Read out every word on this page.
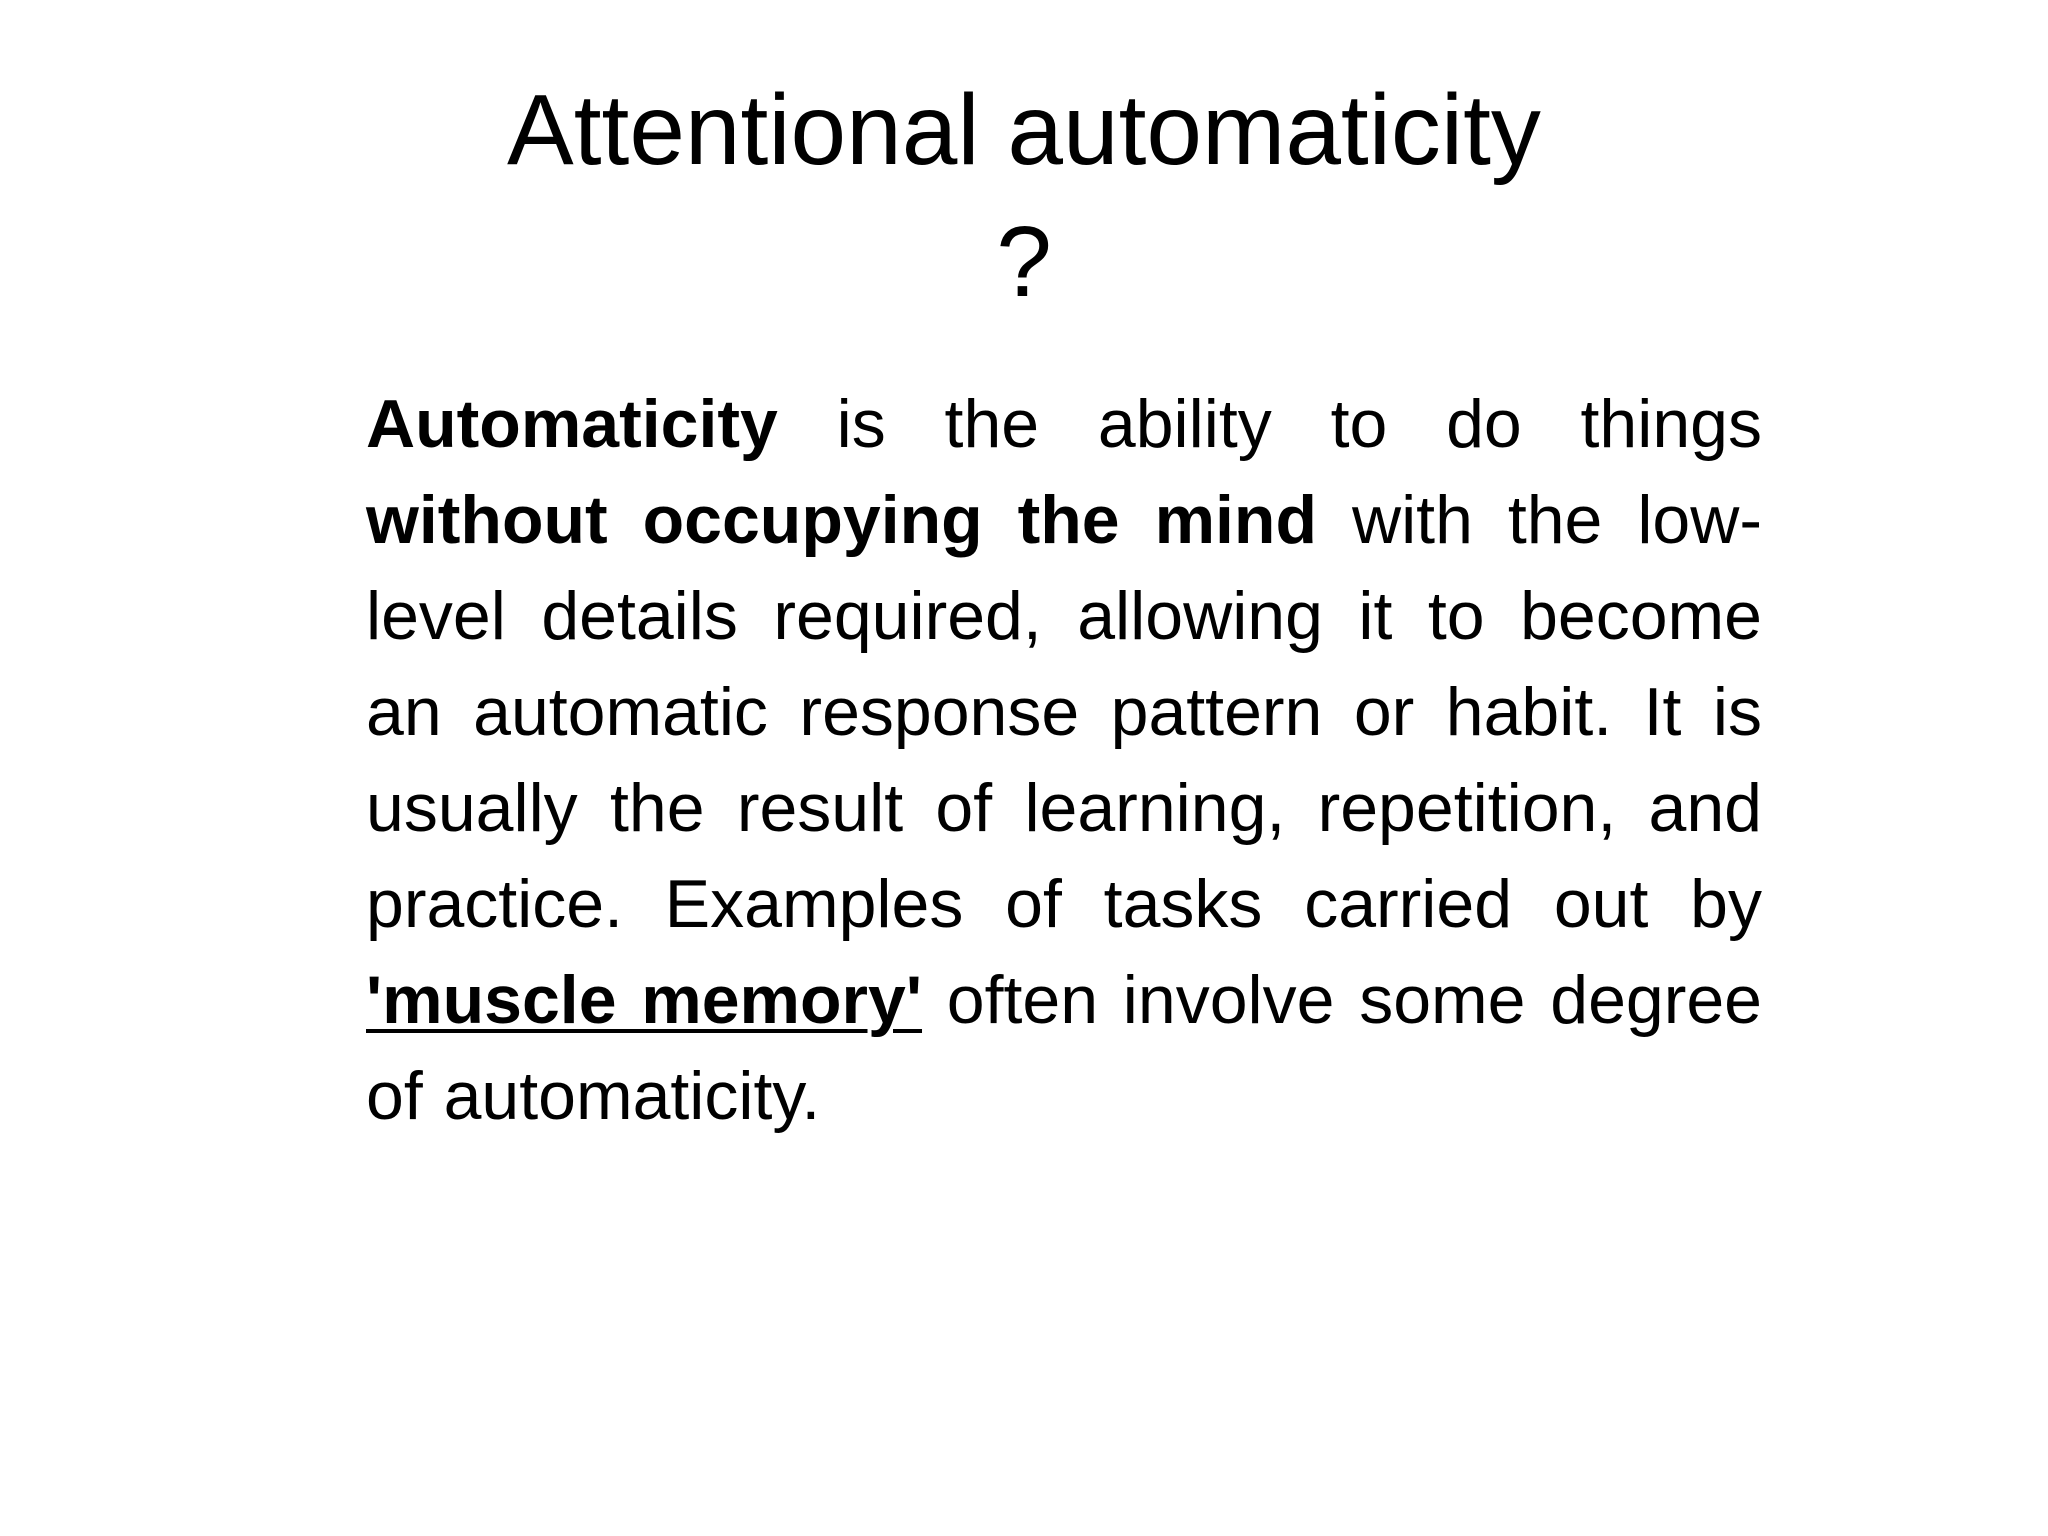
Attentional automaticity
?

Automaticity is the ability to do things without occupying the mind with the low-level details required, allowing it to become an automatic response pattern or habit. It is usually the result of learning, repetition, and practice. Examples of tasks carried out by 'muscle memory' often involve some degree of automaticity.
